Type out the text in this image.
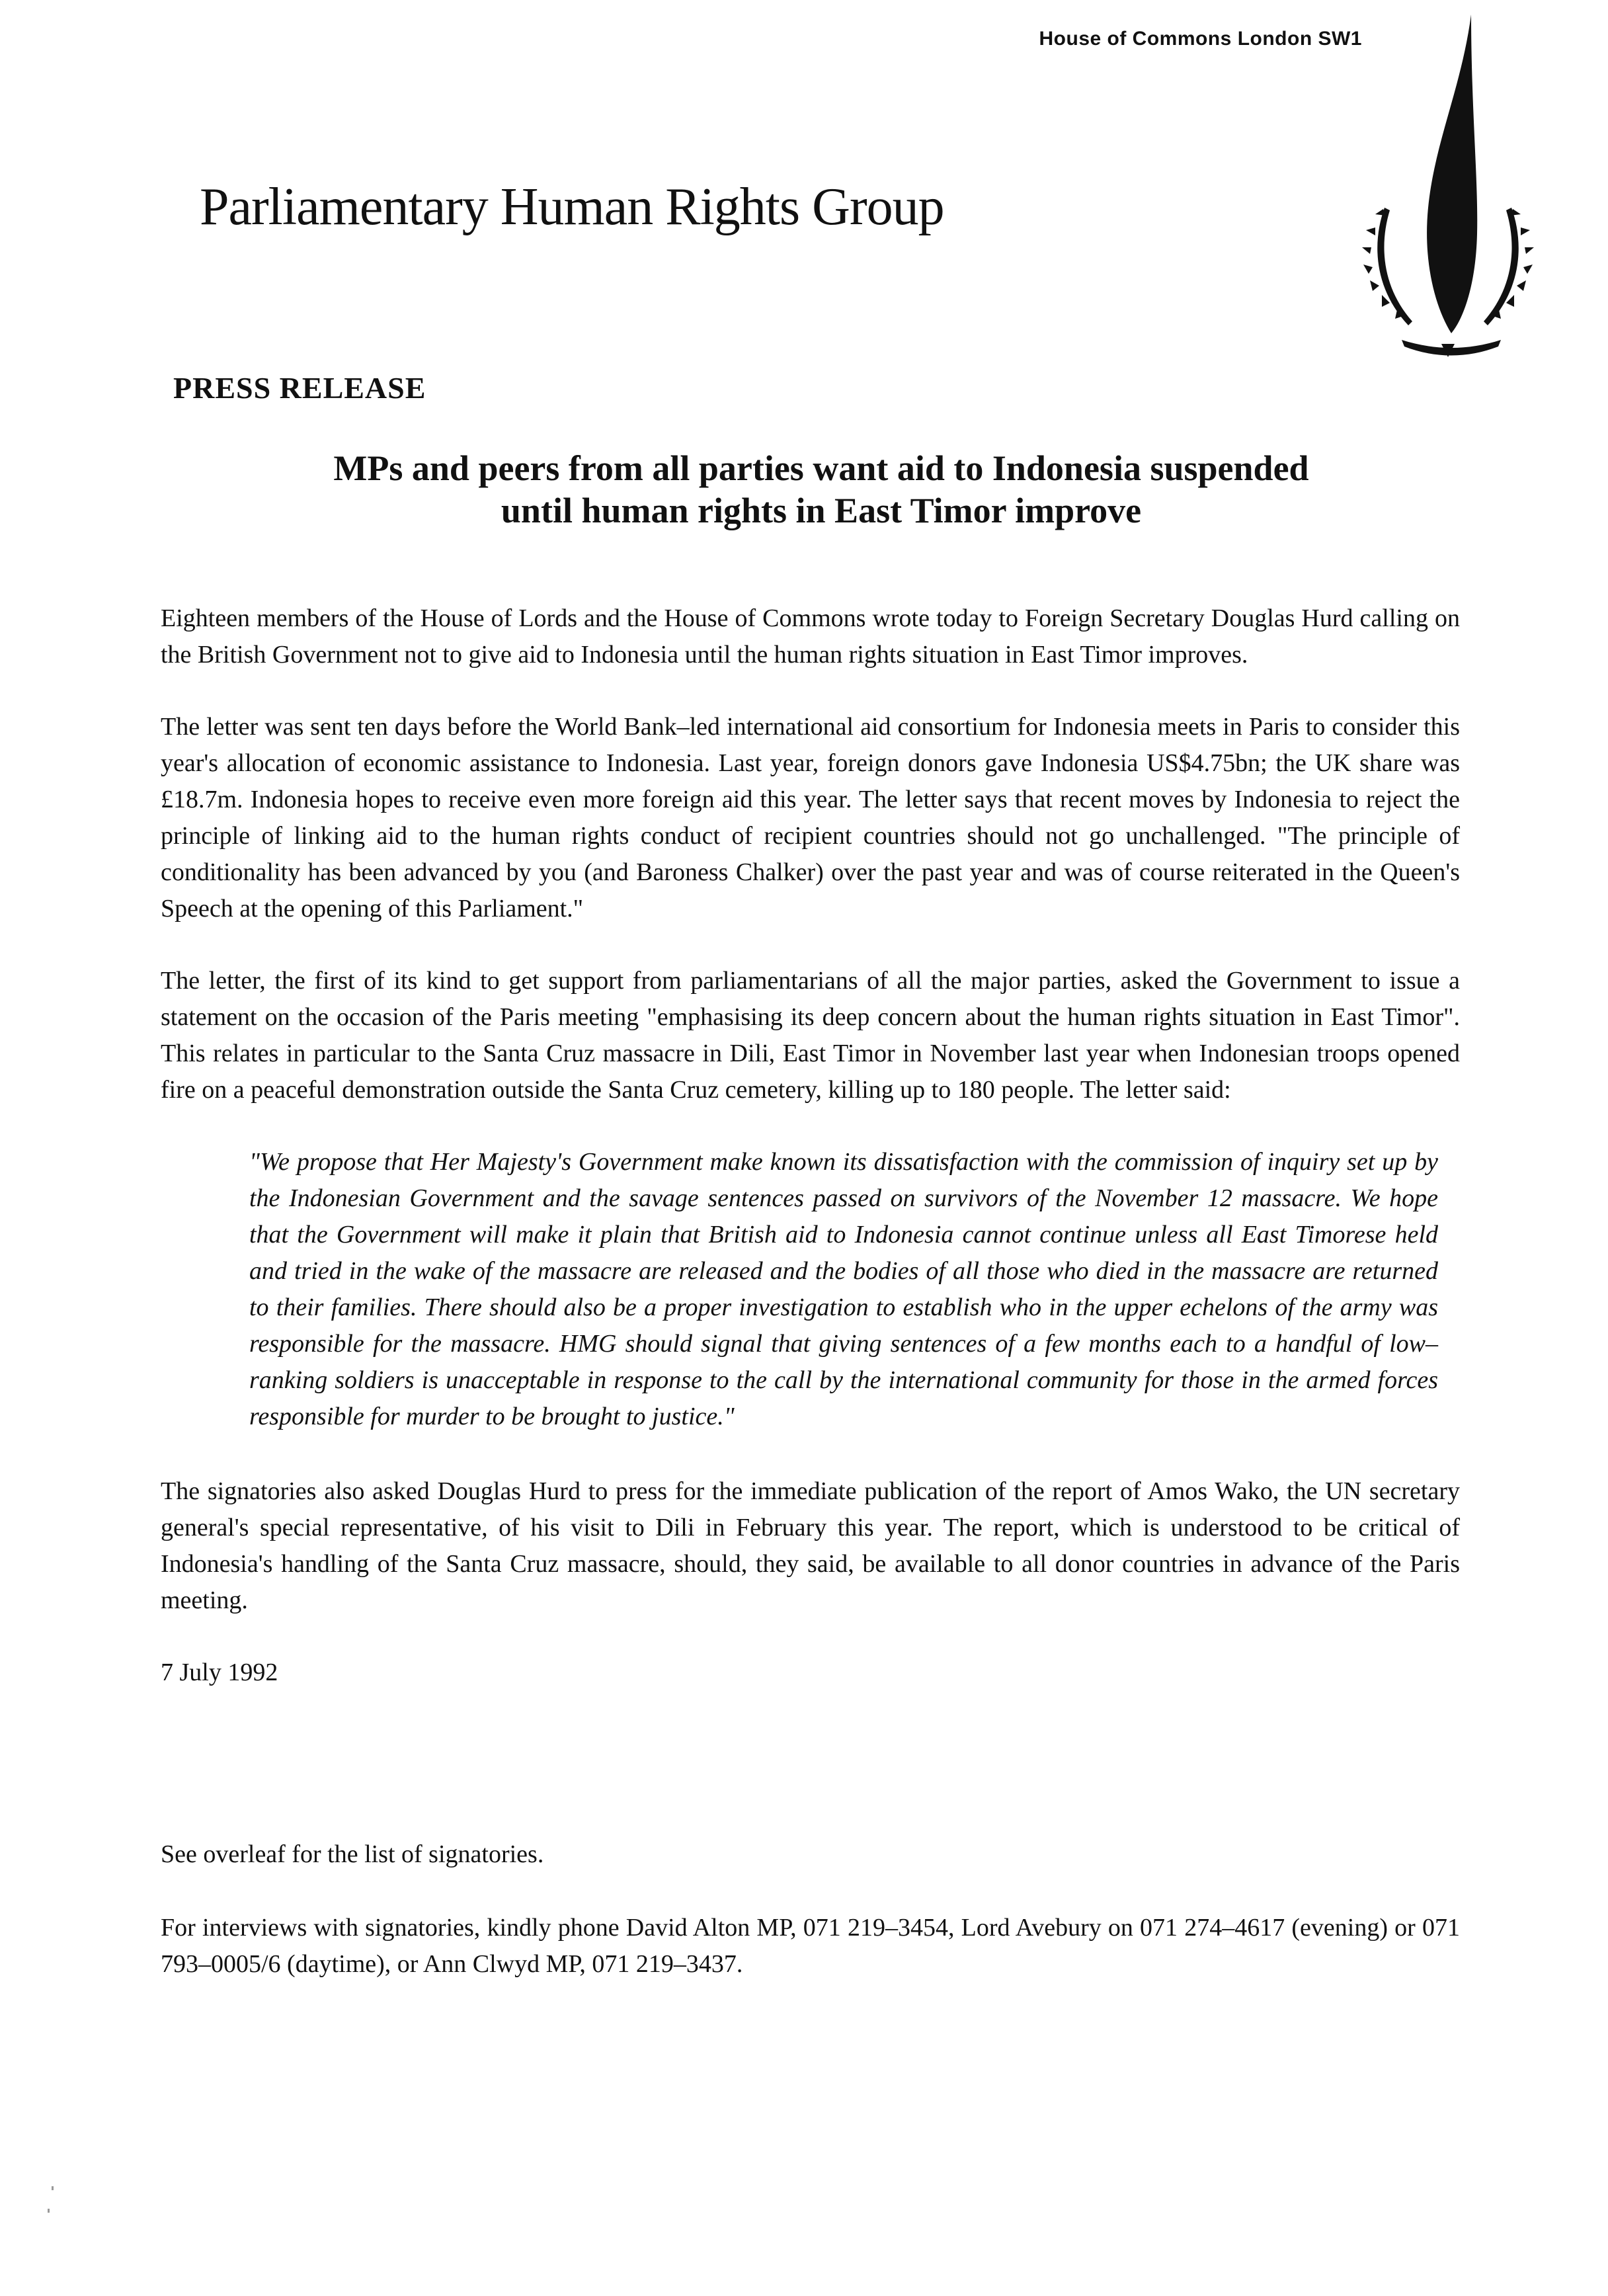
House of Commons London SW1
Parliamentary Human Rights Group
PRESS RELEASE
MPs and peers from all parties want aid to Indonesia suspended
until human rights in East Timor improve

Eighteen members of the House of Lords and the House of Commons wrote today to Foreign Secretary Douglas Hurd calling on the British Government not to give aid to Indonesia until the human rights situation in East Timor improves.

The letter was sent ten days before the World Bank–led international aid consortium for Indonesia meets in Paris to consider this year's allocation of economic assistance to Indonesia. Last year, foreign donors gave Indonesia US$4.75bn; the UK share was £18.7m. Indonesia hopes to receive even more foreign aid this year. The letter says that recent moves by Indonesia to reject the principle of linking aid to the human rights conduct of recipient countries should not go unchallenged. "The principle of conditionality has been advanced by you (and Baroness Chalker) over the past year and was of course reiterated in the Queen's Speech at the opening of this Parliament."

The letter, the first of its kind to get support from parliamentarians of all the major parties, asked the Government to issue a statement on the occasion of the Paris meeting "emphasising its deep concern about the human rights situation in East Timor". This relates in particular to the Santa Cruz massacre in Dili, East Timor in November last year when Indonesian troops opened fire on a peaceful demonstration outside the Santa Cruz cemetery, killing up to 180 people. The letter said:

"We propose that Her Majesty's Government make known its dissatisfaction with the commission of inquiry set up by the Indonesian Government and the savage sentences passed on survivors of the November 12 massacre. We hope that the Government will make it plain that British aid to Indonesia cannot continue unless all East Timorese held and tried in the wake of the massacre are released and the bodies of all those who died in the massacre are returned to their families. There should also be a proper investigation to establish who in the upper echelons of the army was responsible for the massacre. HMG should signal that giving sentences of a few months each to a handful of low–ranking soldiers is unacceptable in response to the call by the international community for those in the armed forces responsible for murder to be brought to justice."

The signatories also asked Douglas Hurd to press for the immediate publication of the report of Amos Wako, the UN secretary general's special representative, of his visit to Dili in February this year. The report, which is understood to be critical of Indonesia's handling of the Santa Cruz massacre, should, they said, be available to all donor countries in advance of the Paris meeting.

7 July 1992

See overleaf for the list of signatories.

For interviews with signatories, kindly phone David Alton MP, 071 219–3454, Lord Avebury on 071 274–4617 (evening) or 071 793–0005/6 (daytime), or Ann Clwyd MP, 071 219–3437.
